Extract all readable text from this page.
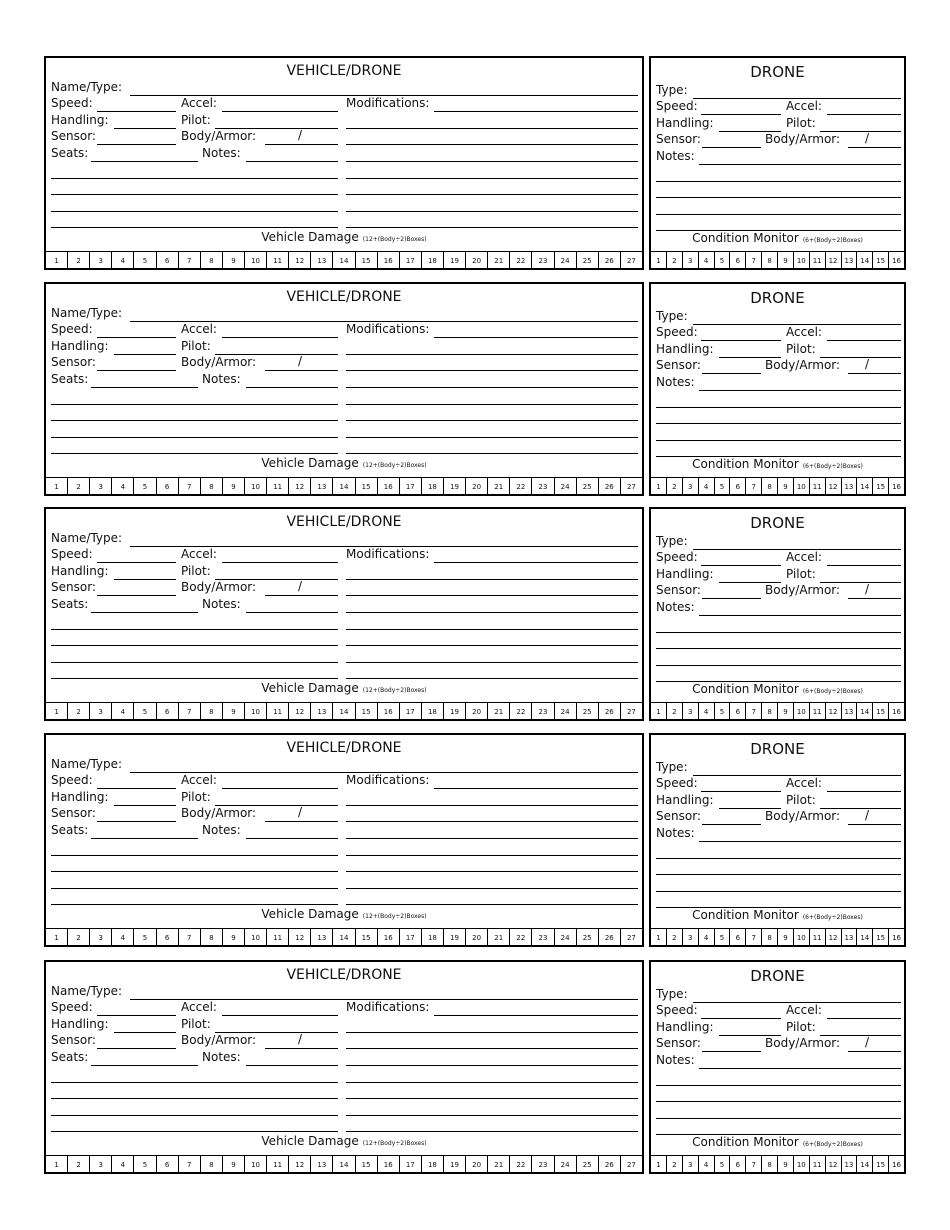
VEHICLE/DRONE
Name/Type:
Speed:	Accel:	Modifications:
Handling:	Pilot:
Sensor:	Body/Armor:	/
Seats:	Notes:
Vehicle Damage (12+(Body÷2)Boxes)
1	2	3	4	5	6	7	8	9	10	11	12	13	14	15	16	17	18	19	20	21	22	23	24	25	26	27
DRONE
Type:
Speed:	Accel:
Handling:	Pilot:
Sensor:	Body/Armor: /
Notes:
Condition Monitor (6+(Body÷2)Boxes)
1	2	3	4	5	6	7	8	9	10 11 12 13 14 15 16
VEHICLE/DRONE
Name/Type:
Speed:	Accel:	Modifications:
Handling:	Pilot:
Sensor:	Body/Armor:	/
Seats:	Notes:
Vehicle Damage (12+(Body÷2)Boxes)
1	2	3	4	5	6	7	8	9	10	11	12	13	14	15	16	17	18	19	20	21	22	23	24	25	26	27
DRONE
Type:
Speed:	Accel:
Handling:	Pilot:
Sensor:	Body/Armor: /
Notes:
Condition Monitor (6+(Body÷2)Boxes)
1	2	3	4	5	6	7	8	9	10 11 12 13 14 15 16
VEHICLE/DRONE
Name/Type:
Speed:	Accel:	Modifications:
Handling:	Pilot:
Sensor:	Body/Armor:	/
Seats:	Notes:
Vehicle Damage (12+(Body÷2)Boxes)
1	2	3	4	5	6	7	8	9	10	11	12	13	14	15	16	17	18	19	20	21	22	23	24	25	26	27
DRONE
Type:
Speed:	Accel:
Handling:	Pilot:
Sensor:	Body/Armor: /
Notes:
Condition Monitor (6+(Body÷2)Boxes)
1	2	3	4	5	6	7	8	9	10 11 12 13 14 15 16
VEHICLE/DRONE
Name/Type:
Speed:	Accel:	Modifications:
Handling:	Pilot:
Sensor:	Body/Armor:	/
Seats:	Notes:
Vehicle Damage (12+(Body÷2)Boxes)
1	2	3	4	5	6	7	8	9	10	11	12	13	14	15	16	17	18	19	20	21	22	23	24	25	26	27
DRONE
Type:
Speed:	Accel:
Handling:	Pilot:
Sensor:	Body/Armor: /
Notes:
Condition Monitor (6+(Body÷2)Boxes)
1	2	3	4	5	6	7	8	9	10 11 12 13 14 15 16
VEHICLE/DRONE
Name/Type:
Speed:	Accel:	Modifications:
Handling:	Pilot:
Sensor:	Body/Armor:	/
Seats:	Notes:
Vehicle Damage (12+(Body÷2)Boxes)
1	2	3	4	5	6	7	8	9	10	11	12	13	14	15	16	17	18	19	20	21	22	23	24	25	26	27
DRONE
Type:
Speed:	Accel:
Handling:	Pilot:
Sensor:	Body/Armor: /
Notes:
Condition Monitor (6+(Body÷2)Boxes)
1	2	3	4	5	6	7	8	9	10 11 12 13 14 15 16
